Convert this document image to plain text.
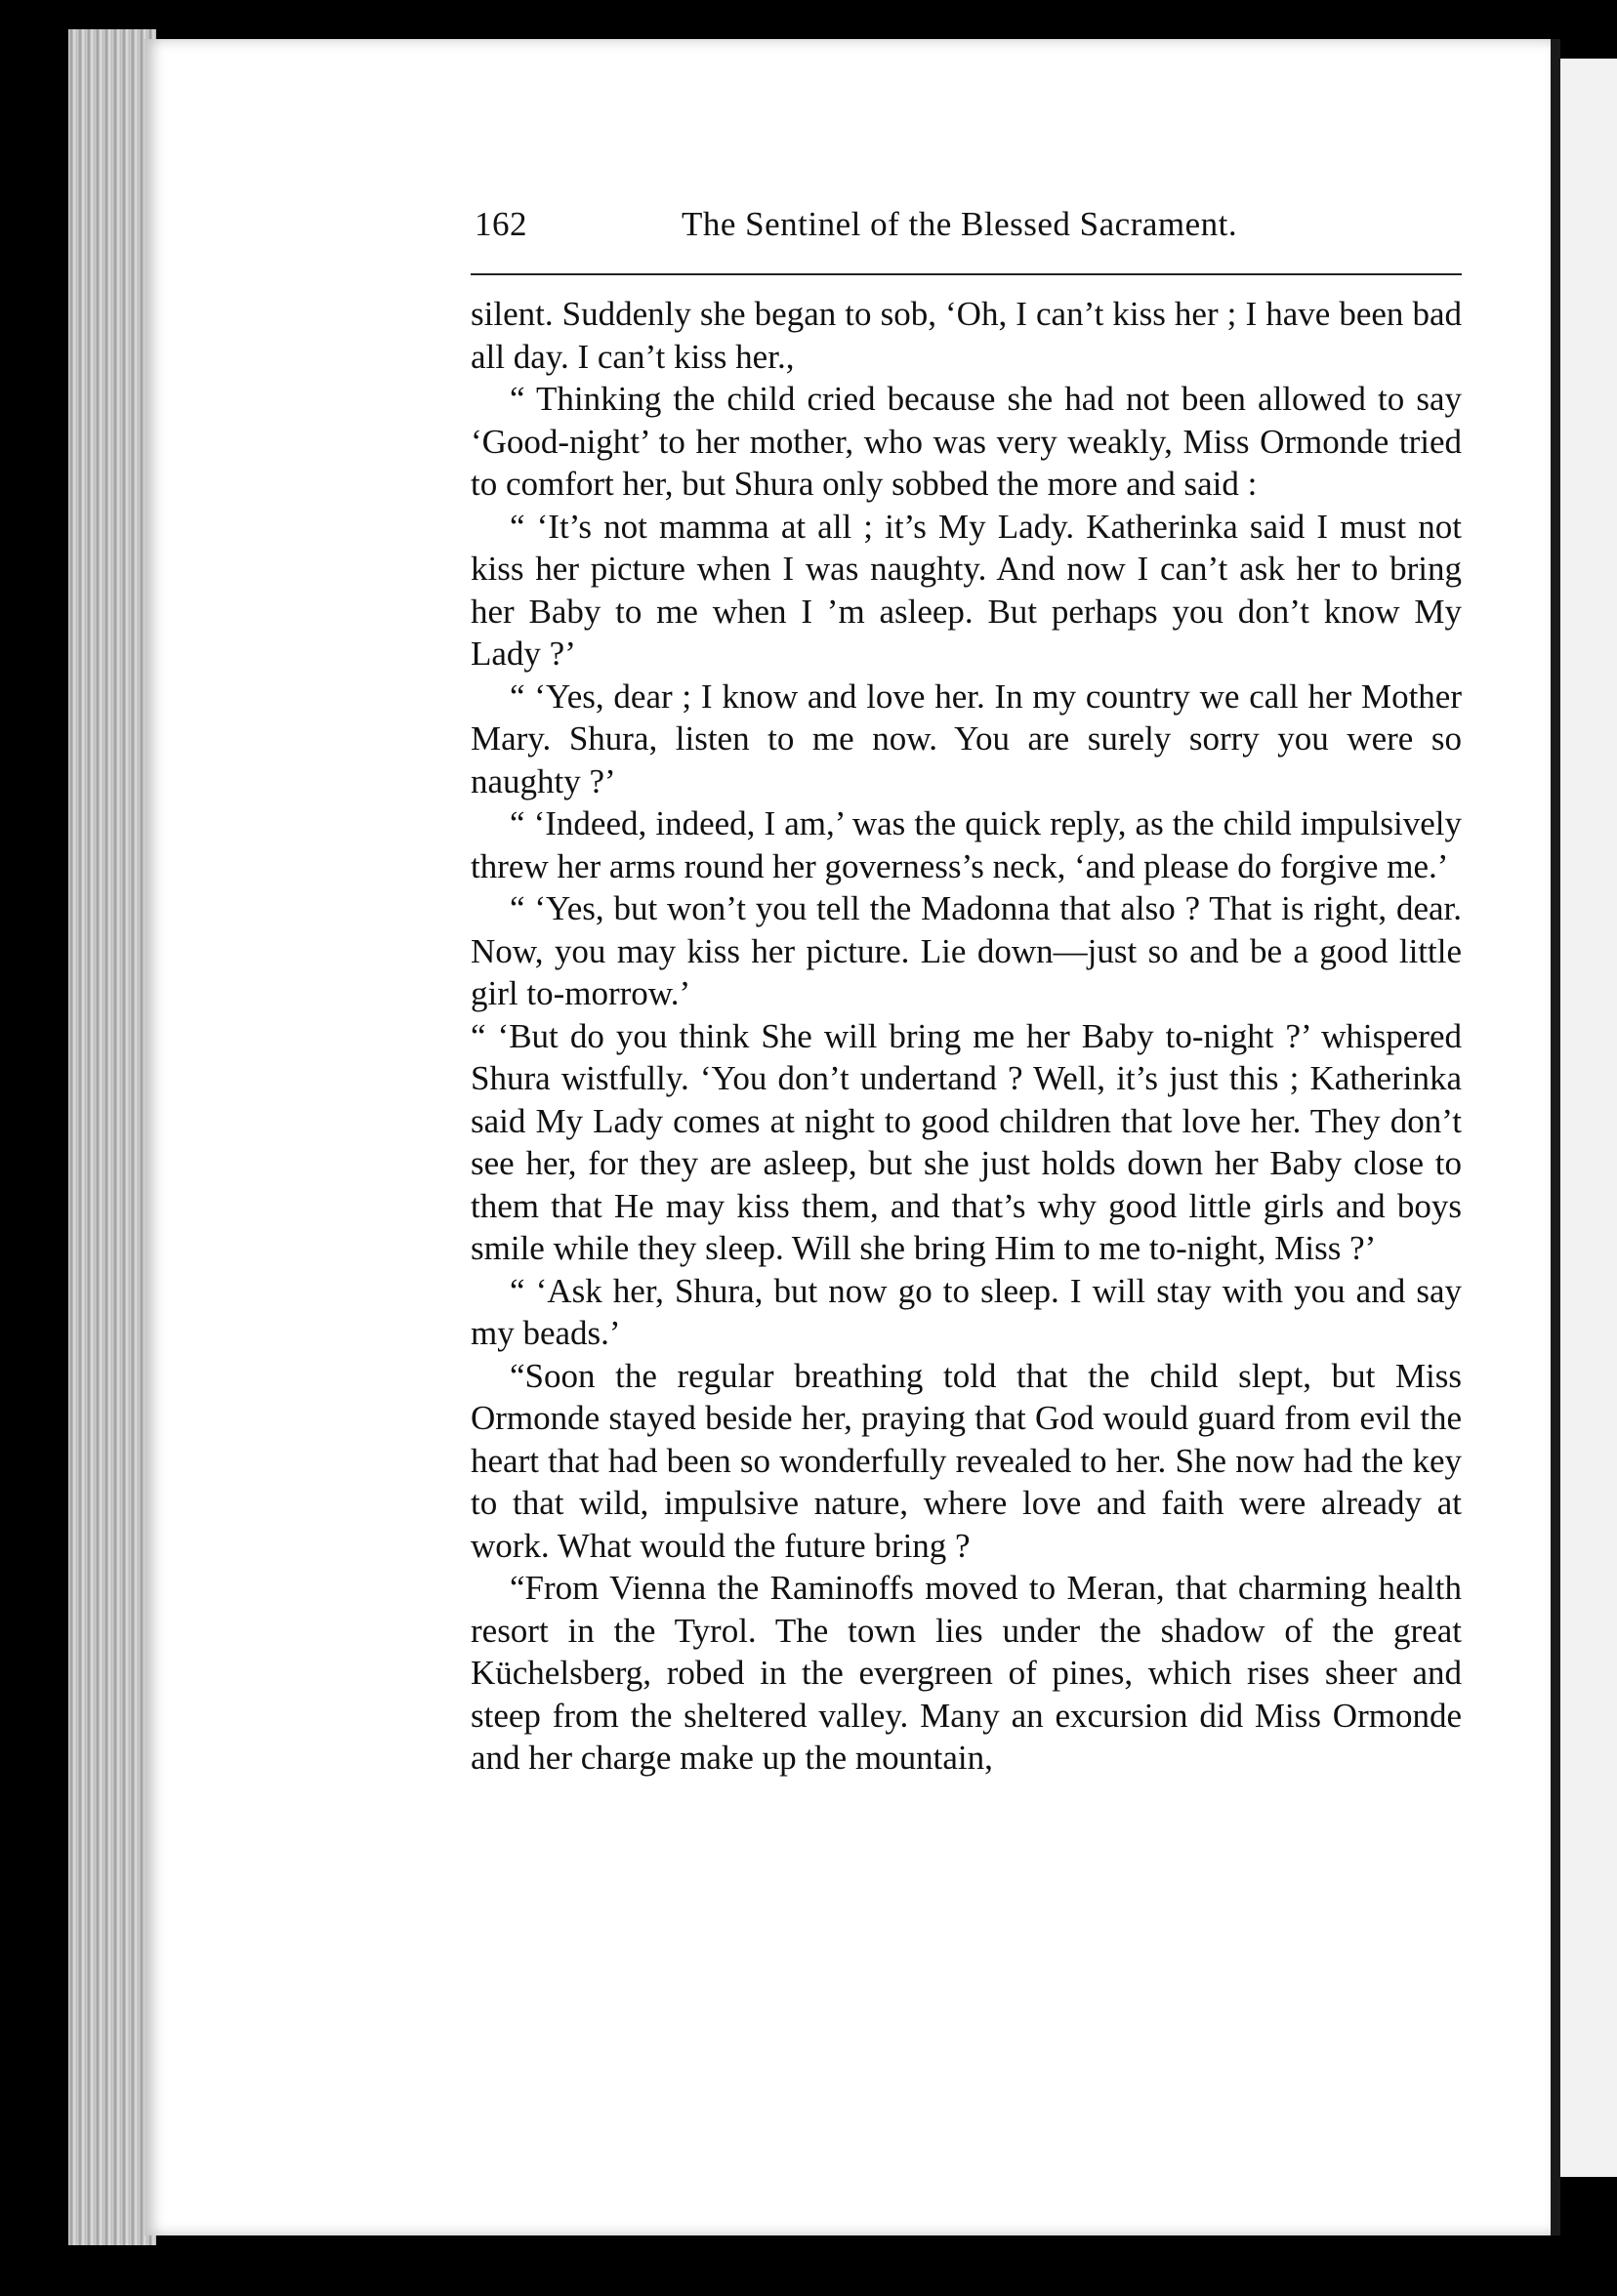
162	The Sentinel of the Blessed Sacrament.

silent. Suddenly she began to sob, ‘Oh, I can’t kiss her ; I have been bad all day. I can’t kiss her.,

“ Thinking the child cried because she had not been allowed to say ‘Good-night’ to her mother, who was very weakly, Miss Ormonde tried to comfort her, but Shura only sobbed the more and said :

“ ‘It’s not mamma at all ; it’s My Lady. Katherinka said I must not kiss her picture when I was naughty. And now I can’t ask her to bring her Baby to me when I ’m asleep. But perhaps you don’t know My Lady ?’

“ ‘Yes, dear ; I know and love her. In my country we call her Mother Mary. Shura, listen to me now. You are surely sorry you were so naughty ?’

“ ‘Indeed, indeed, I am,’ was the quick reply, as the child impulsively threw her arms round her governess’s neck, ‘and please do forgive me.’

“ ‘Yes, but won’t you tell the Madonna that also ? That is right, dear. Now, you may kiss her picture. Lie down—just so and be a good little girl to-morrow.’

“ ‘But do you think She will bring me her Baby to-night ?’ whispered Shura wistfully. ‘You don’t undertand ? Well, it’s just this ; Katherinka said My Lady comes at night to good children that love her. They don’t see her, for they are asleep, but she just holds down her Baby close to them that He may kiss them, and that’s why good little girls and boys smile while they sleep. Will she bring Him to me to-night, Miss ?’

“ ‘Ask her, Shura, but now go to sleep. I will stay with you and say my beads.’

“Soon the regular breathing told that the child slept, but Miss Ormonde stayed beside her, praying that God would guard from evil the heart that had been so wonderfully revealed to her. She now had the key to that wild, impulsive nature, where love and faith were already at work. What would the future bring ?

“From Vienna the Raminoffs moved to Meran, that charming health resort in the Tyrol. The town lies under the shadow of the great Küchelsberg, robed in the evergreen of pines, which rises sheer and steep from the sheltered valley. Many an excursion did Miss Ormonde and her charge make up the mountain,
